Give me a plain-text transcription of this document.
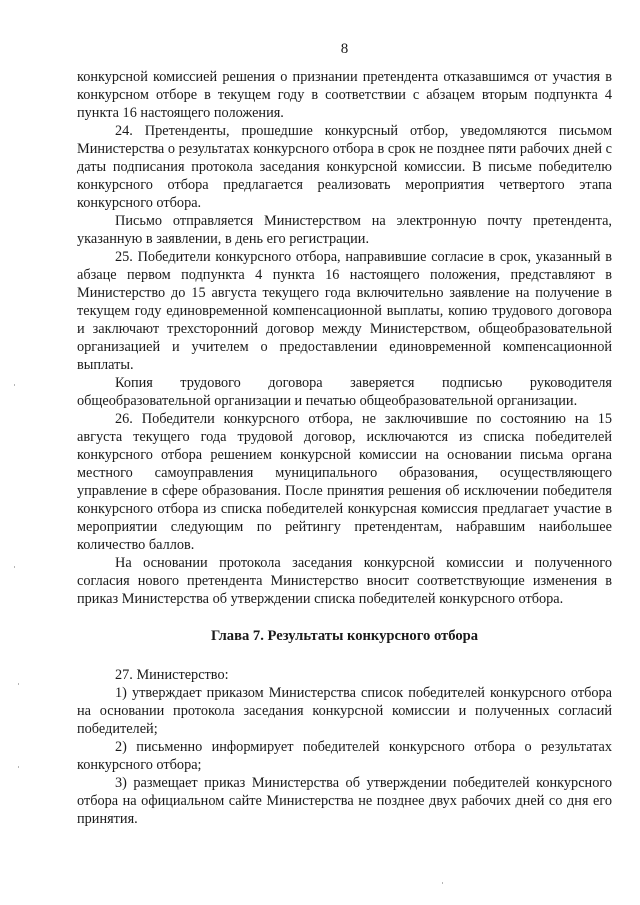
8

конкурсной комиссией решения о признании претендента отказавшимся от участия в конкурсном отборе в текущем году в соответствии с абзацем вторым подпункта 4 пункта 16 настоящего положения.

24. Претенденты, прошедшие конкурсный отбор, уведомляются письмом Министерства о результатах конкурсного отбора в срок не позднее пяти рабочих дней с даты подписания протокола заседания конкурсной комиссии. В письме победителю конкурсного отбора предлагается реализовать мероприятия четвертого этапа конкурсного отбора.

Письмо отправляется Министерством на электронную почту претендента, указанную в заявлении, в день его регистрации.

25. Победители конкурсного отбора, направившие согласие в срок, указанный в абзаце первом подпункта 4 пункта 16 настоящего положения, представляют в Министерство до 15 августа текущего года включительно заявление на получение в текущем году единовременной компенсационной выплаты, копию трудового договора и заключают трехсторонний договор между Министерством, общеобразовательной организацией и учителем о предоставлении единовременной компенсационной выплаты.

Копия трудового договора заверяется подписью руководителя общеобразовательной организации и печатью общеобразовательной организации.

26. Победители конкурсного отбора, не заключившие по состоянию на 15 августа текущего года трудовой договор, исключаются из списка победителей конкурсного отбора решением конкурсной комиссии на основании письма органа местного самоуправления муниципального образования, осуществляющего управление в сфере образования. После принятия решения об исключении победителя конкурсного отбора из списка победителей конкурсная комиссия предлагает участие в мероприятии следующим по рейтингу претендентам, набравшим наибольшее количество баллов.

На основании протокола заседания конкурсной комиссии и полученного согласия нового претендента Министерство вносит соответствующие изменения в приказ Министерства об утверждении списка победителей конкурсного отбора.

Глава 7. Результаты конкурсного отбора

27. Министерство:

1) утверждает приказом Министерства список победителей конкурсного отбора на основании протокола заседания конкурсной комиссии и полученных согласий победителей;

2) письменно информирует победителей конкурсного отбора о результатах конкурсного отбора;

3) размещает приказ Министерства об утверждении победителей конкурсного отбора на официальном сайте Министерства не позднее двух рабочих дней со дня его принятия.
